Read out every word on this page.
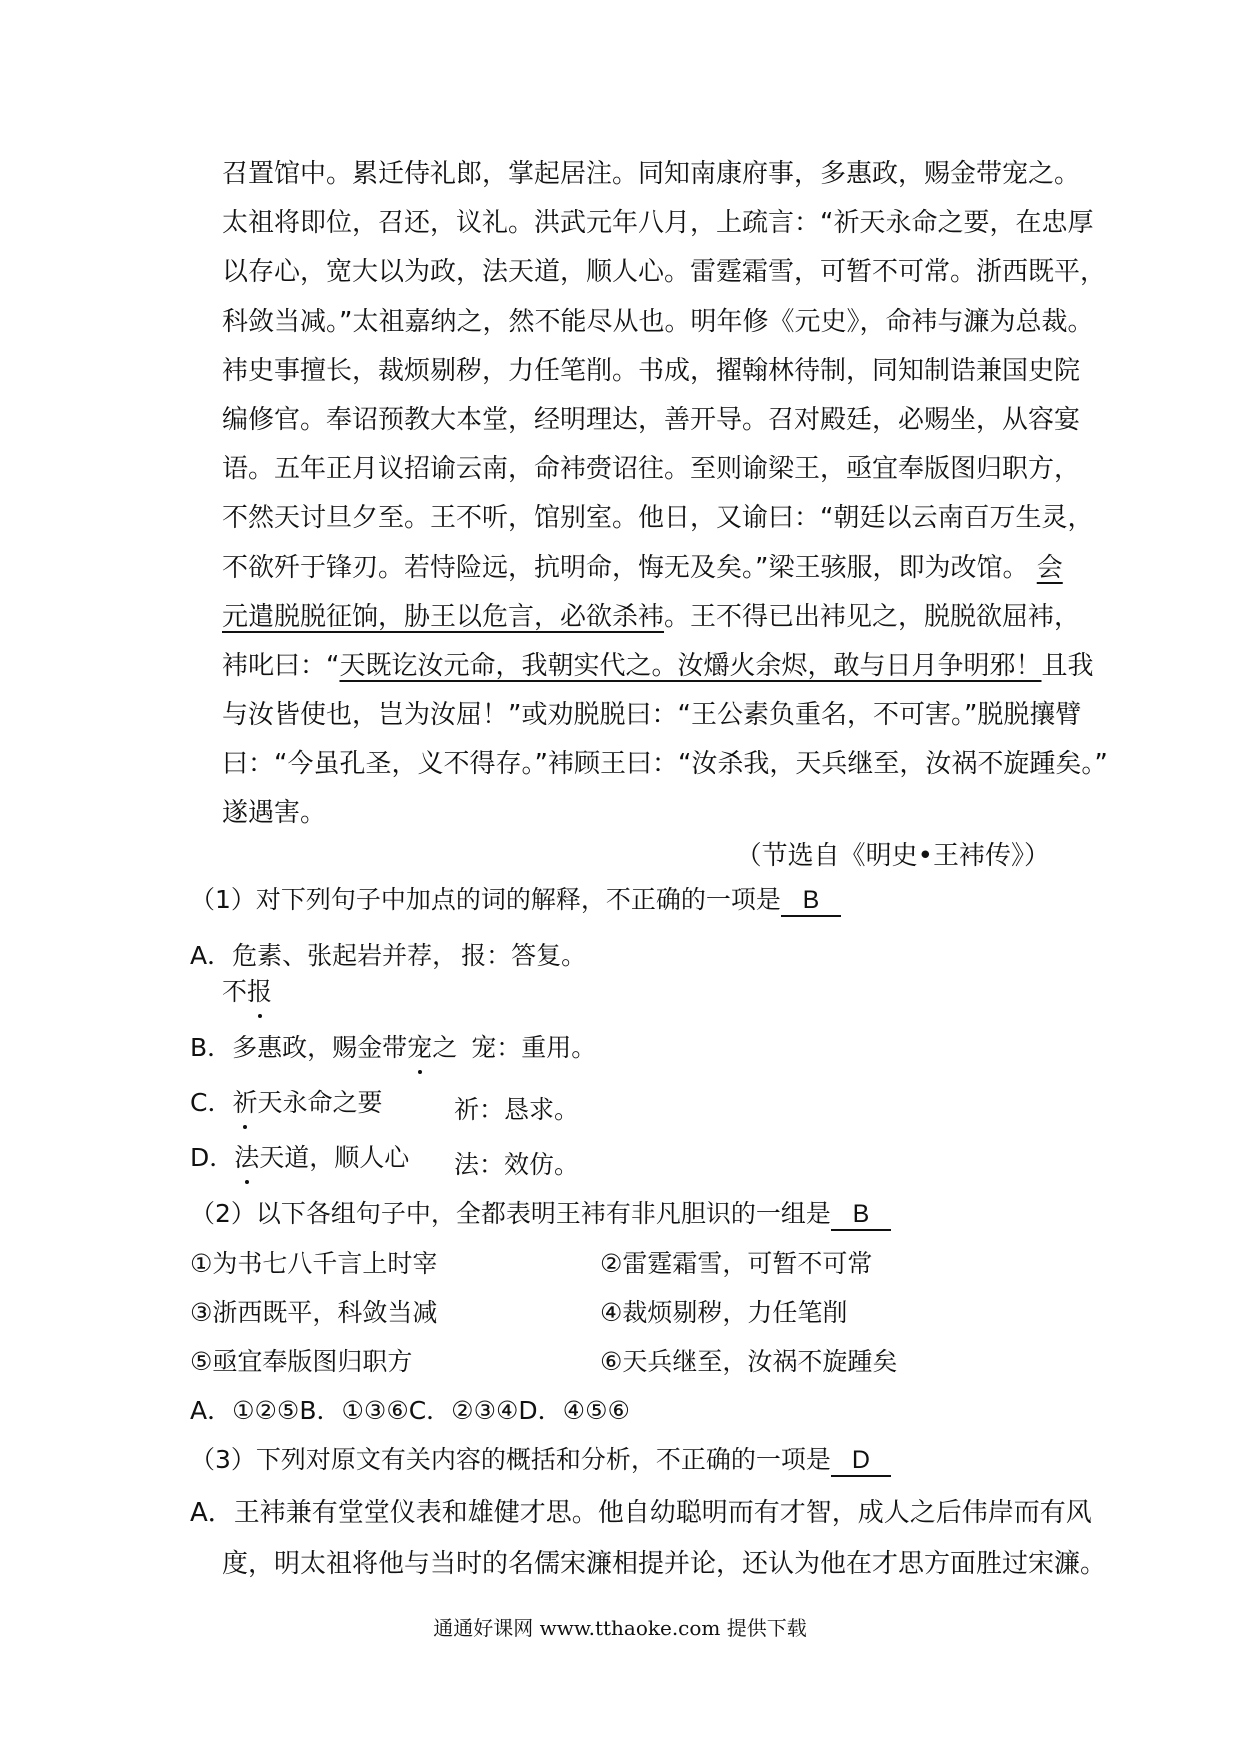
召置馆中。累迁侍礼郎，掌起居注。同知南康府事，多惠政，赐金带宠之。
太祖将即位，召还，议礼。洪武元年八月，上疏言：“祈天永命之要，在忠厚
以存心，宽大以为政，法天道，顺人心。雷霆霜雪，可暂不可常。浙西既平，
科敛当减。”太祖嘉纳之，然不能尽从也。明年修《元史》，命袆与濂为总裁。
袆史事擅长，裁烦剔秽，力任笔削。书成，擢翰林待制，同知制诰兼国史院
编修官。奉诏预教大本堂，经明理达，善开导。召对殿廷，必赐坐，从容宴
语。五年正月议招谕云南，命袆赍诏往。至则谕梁王，亟宜奉版图归职方，
不然天讨旦夕至。王不听，馆别室。他日，又谕曰：“朝廷以云南百万生灵，
不欲歼于锋刃。若恃险远，抗明命，悔无及矣。”梁王骇服，即为改馆。 会
元遣脱脱征饷，胁王以危言，必欲杀袆。王不得已出袆见之，脱脱欲屈袆，
袆叱曰：“天既讫汝元命，我朝实代之。汝爝火余烬，敢与日月争明邪！且我
与汝皆使也，岂为汝屈！”或劝脱脱曰：“王公素负重名，不可害。”脱脱攘臂
曰：“今虽孔圣，义不得存。”袆顾王曰：“汝杀我，天兵继至，汝祸不旋踵矣。”
遂遇害。
（节选自《明史•王袆传》）
（1）对下列句子中加点的词的解释，不正确的一项是 B
A．危素、张起岩并荐， 报：答复。
不报
B．多惠政，赐金带宠之 宠：重用。
C．祈天永命之要	祈：恳求。
D．法天道，顺人心 法：效仿。
（2）以下各组句子中，全都表明王袆有非凡胆识的一组是 B
①为书七八千言上时宰	②雷霆霜雪，可暂不可常
③浙西既平，科敛当减	④裁烦剔秽，力任笔削
⑤亟宜奉版图归职方	⑥天兵继至，汝祸不旋踵矣
A．①②⑤B．①③⑥C．②③④D．④⑤⑥
（3）下列对原文有关内容的概括和分析，不正确的一项是 D
A．王袆兼有堂堂仪表和雄健才思。他自幼聪明而有才智，成人之后伟岸而有风
度，明太祖将他与当时的名儒宋濂相提并论，还认为他在才思方面胜过宋濂。
通通好课网 www.tthaoke.com 提供下载
